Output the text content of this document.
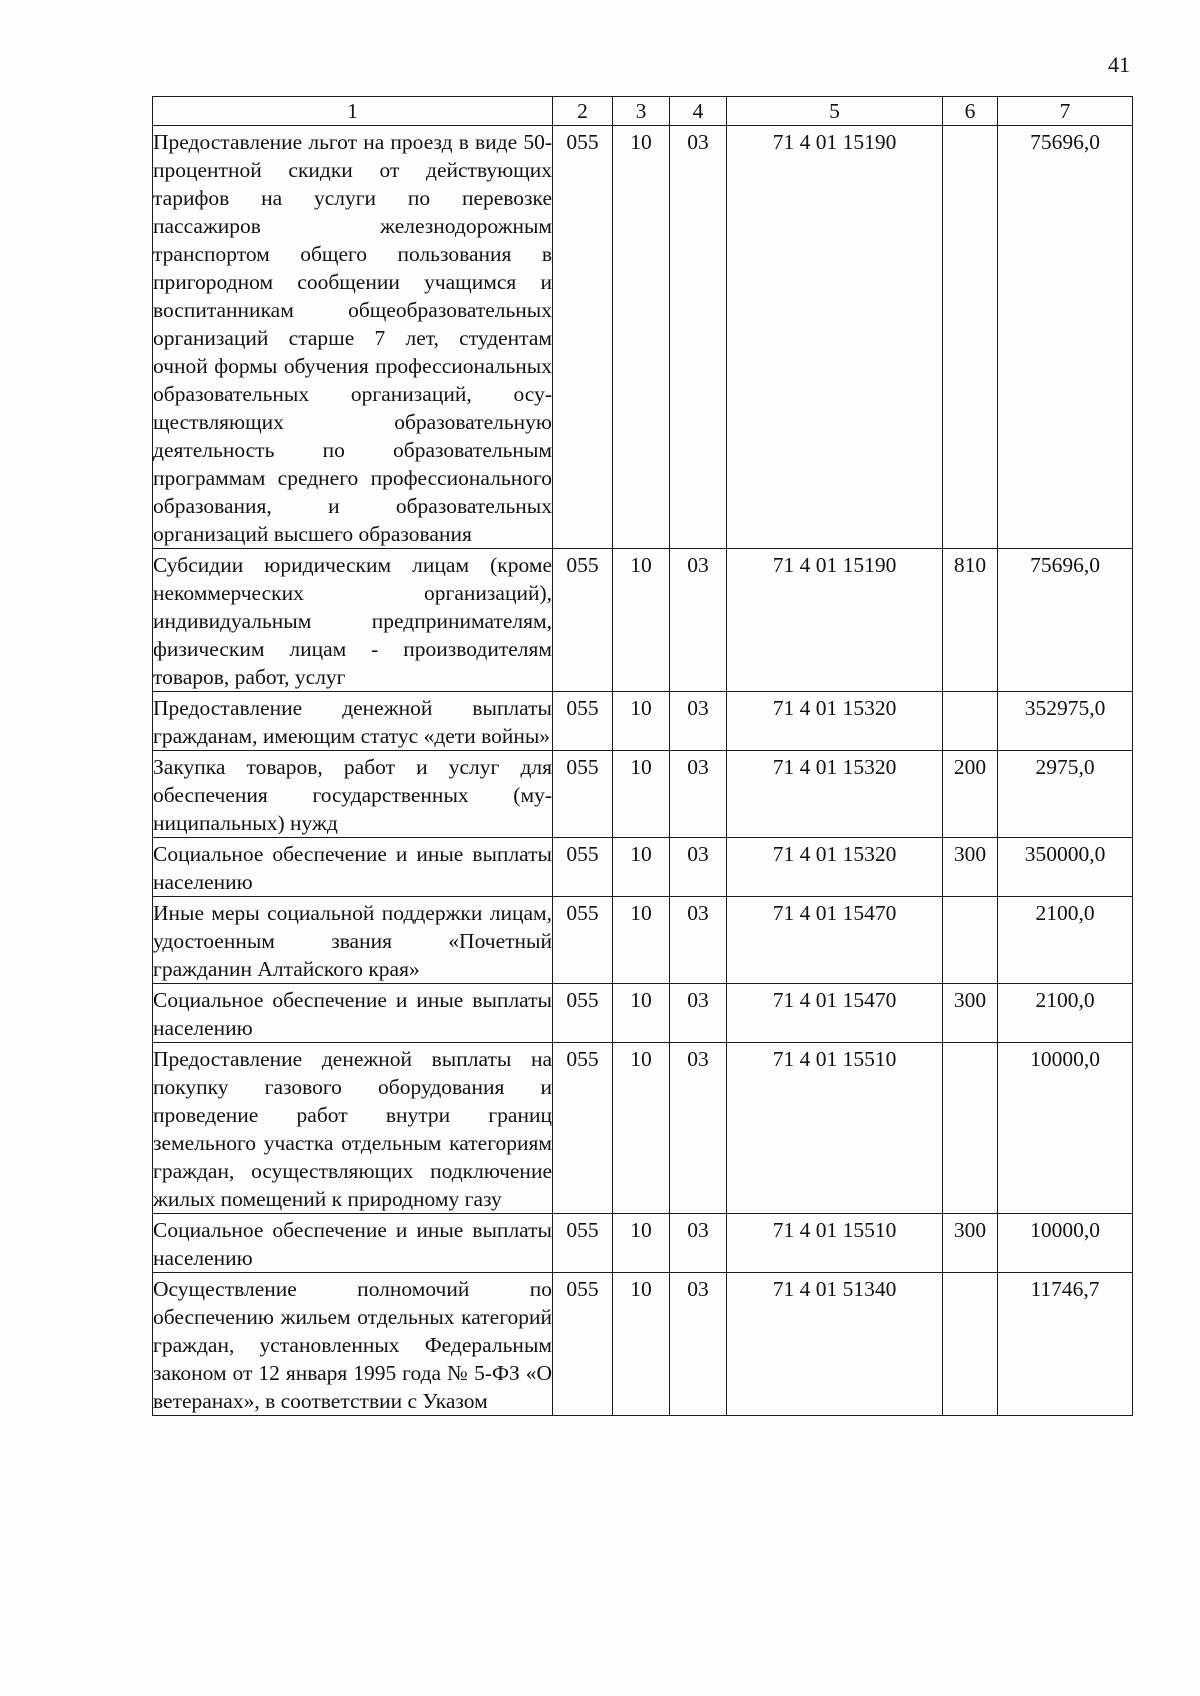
41
1	2	3	4	5	6	7
Предоставление льгот на проезд в виде 50-процентной скидки от действующих тарифов на услуги по перевозке пассажиров железнодорожным транспортом общего пользования в пригородном сообщении учащимся и воспитанникам общеобразовательных организаций старше 7 лет, студентам очной формы обучения профессиональных образовательных организаций, осуществляющих образовательную деятельность по образовательным программам среднего профессионального образования, и образовательных организаций высшего образования	055	10	03	71 4 01 15190		75696,0
Субсидии юридическим лицам (кроме некоммерческих организаций), индивидуальным предпринимателям, физическим лицам - производителям товаров, работ, услуг	055	10	03	71 4 01 15190	810	75696,0
Предоставление денежной выплаты гражданам, имеющим статус «дети войны»	055	10	03	71 4 01 15320		352975,0
Закупка товаров, работ и услуг для обеспечения государственных (муниципальных) нужд	055	10	03	71 4 01 15320	200	2975,0
Социальное обеспечение и иные выплаты населению	055	10	03	71 4 01 15320	300	350000,0
Иные меры социальной поддержки лицам, удостоенным звания «Почетный гражданин Алтайского края»	055	10	03	71 4 01 15470		2100,0
Социальное обеспечение и иные выплаты населению	055	10	03	71 4 01 15470	300	2100,0
Предоставление денежной выплаты на покупку газового оборудования и проведение работ внутри границ земельного участка отдельным категориям граждан, осуществляющих подключение жилых помещений к природному газу	055	10	03	71 4 01 15510		10000,0
Социальное обеспечение и иные выплаты населению	055	10	03	71 4 01 15510	300	10000,0
Осуществление полномочий по обеспечению жильем отдельных категорий граждан, установленных Федеральным законом от 12 января 1995 года № 5-ФЗ «О ветеранах», в соответствии с Указом	055	10	03	71 4 01 51340		11746,7
